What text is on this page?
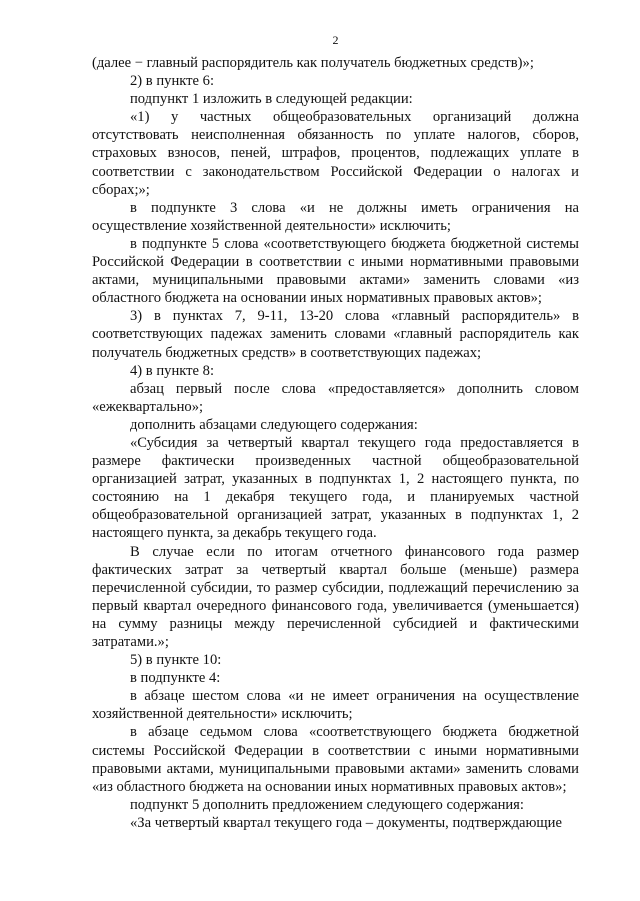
2

(далее − главный распорядитель как получатель бюджетных средств)»;

2) в пункте 6:

подпункт 1 изложить в следующей редакции:

«1) у частных общеобразовательных организаций должна отсутствовать неисполненная обязанность по уплате налогов, сборов, страховых взносов, пеней, штрафов, процентов, подлежащих уплате в соответствии с законодательством Российской Федерации о налогах и сборах;»;

в подпункте 3 слова «и не должны иметь ограничения на осуществление хозяйственной деятельности» исключить;

в подпункте 5 слова «соответствующего бюджета бюджетной системы Российской Федерации в соответствии с иными нормативными правовыми актами, муниципальными правовыми актами» заменить словами «из областного бюджета на основании иных нормативных правовых актов»;

3) в пунктах 7, 9-11, 13-20 слова «главный распорядитель» в соответствующих падежах заменить словами «главный распорядитель как получатель бюджетных средств» в соответствующих падежах;

4) в пункте 8:

абзац первый после слова «предоставляется» дополнить словом «ежеквартально»;

дополнить абзацами следующего содержания:

«Субсидия за четвертый квартал текущего года предоставляется в размере фактически произведенных частной общеобразовательной организацией затрат, указанных в подпунктах 1, 2 настоящего пункта, по состоянию на 1 декабря текущего года, и планируемых частной общеобразовательной организацией затрат, указанных в подпунктах 1, 2 настоящего пункта, за декабрь текущего года.

В случае если по итогам отчетного финансового года размер фактических затрат за четвертый квартал больше (меньше) размера перечисленной субсидии, то размер субсидии, подлежащий перечислению за первый квартал очередного финансового года, увеличивается (уменьшается) на сумму разницы между перечисленной субсидией и фактическими затратами.»;

5) в пункте 10:

в подпункте 4:

в абзаце шестом слова «и не имеет ограничения на осуществление хозяйственной деятельности» исключить;

в абзаце седьмом слова «соответствующего бюджета бюджетной системы Российской Федерации в соответствии с иными нормативными правовыми актами, муниципальными правовыми актами» заменить словами «из областного бюджета на основании иных нормативных правовых актов»;

подпункт 5 дополнить предложением следующего содержания:

«За четвертый квартал текущего года – документы, подтверждающие
